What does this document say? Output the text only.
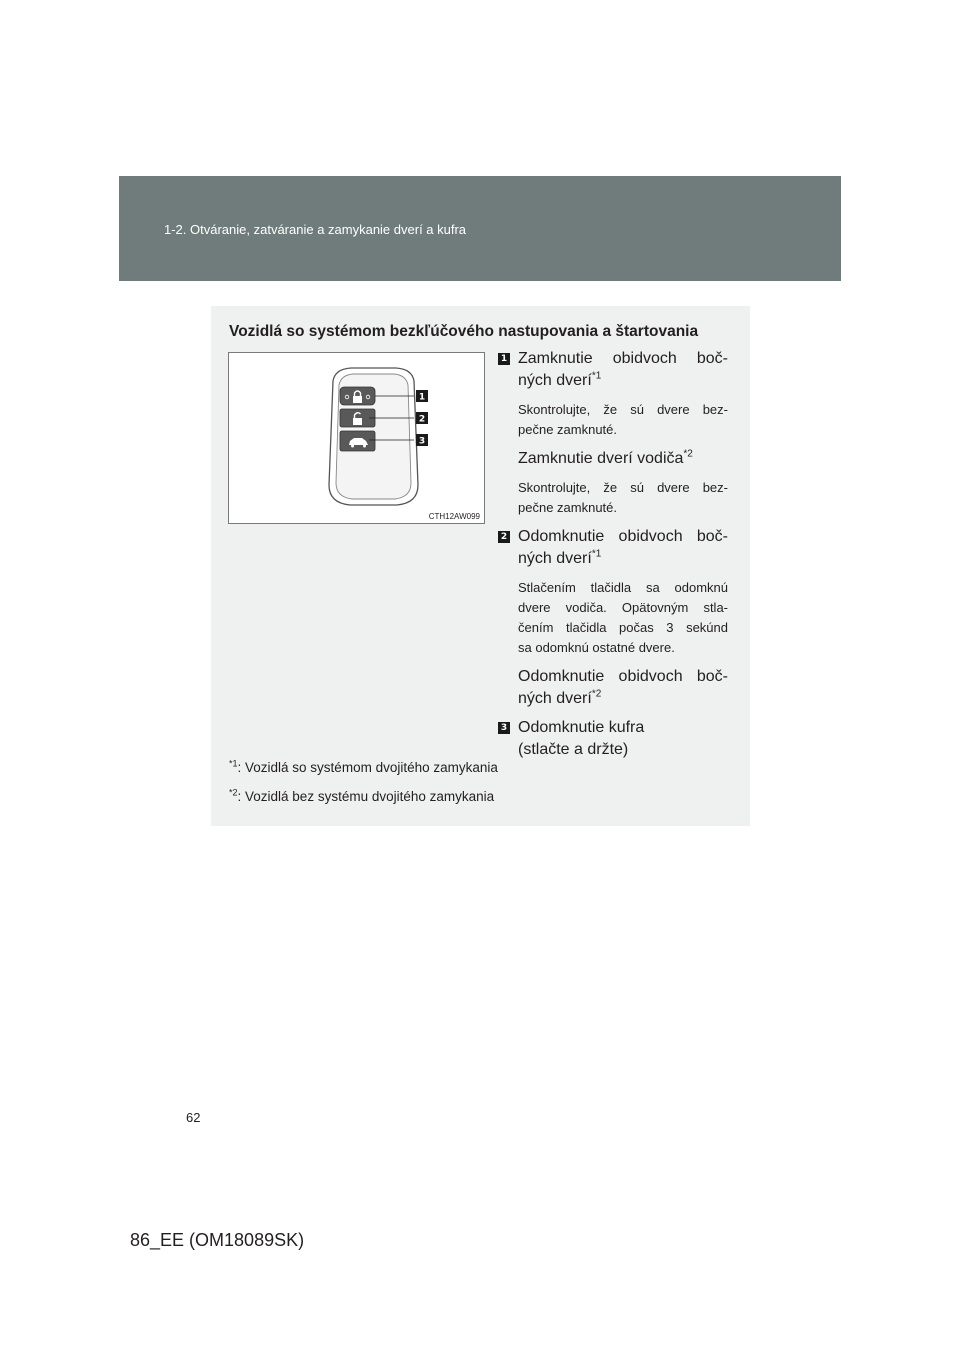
1-2. Otváranie, zatváranie a zamykanie dverí a kufra
Vozidlá so systémom bezkľúčového nastupovania a štartovania
1
2
3
CTH12AW099
1 Zamknutie obidvoch boč-
ných dverí$^{*1}$
Skontrolujte, že sú dvere bez-
pečne zamknuté.
Zamknutie dverí vodiča$^{*2}$
Skontrolujte, že sú dvere bez-
pečne zamknuté.
2 Odomknutie obidvoch boč-
ných dverí$^{*1}$
Stlačením tlačidla sa odomknú
dvere vodiča. Opätovným stla-
čením tlačidla počas 3 sekúnd
sa odomknú ostatné dvere.
Odomknutie obidvoch boč-
ných dverí$^{*2}$
3 Odomknutie kufra
(stlačte a držte)
$^{*1}$: Vozidlá so systémom dvojitého zamykania
$^{*2}$: Vozidlá bez systému dvojitého zamykania
62
86_EE (OM18089SK)
